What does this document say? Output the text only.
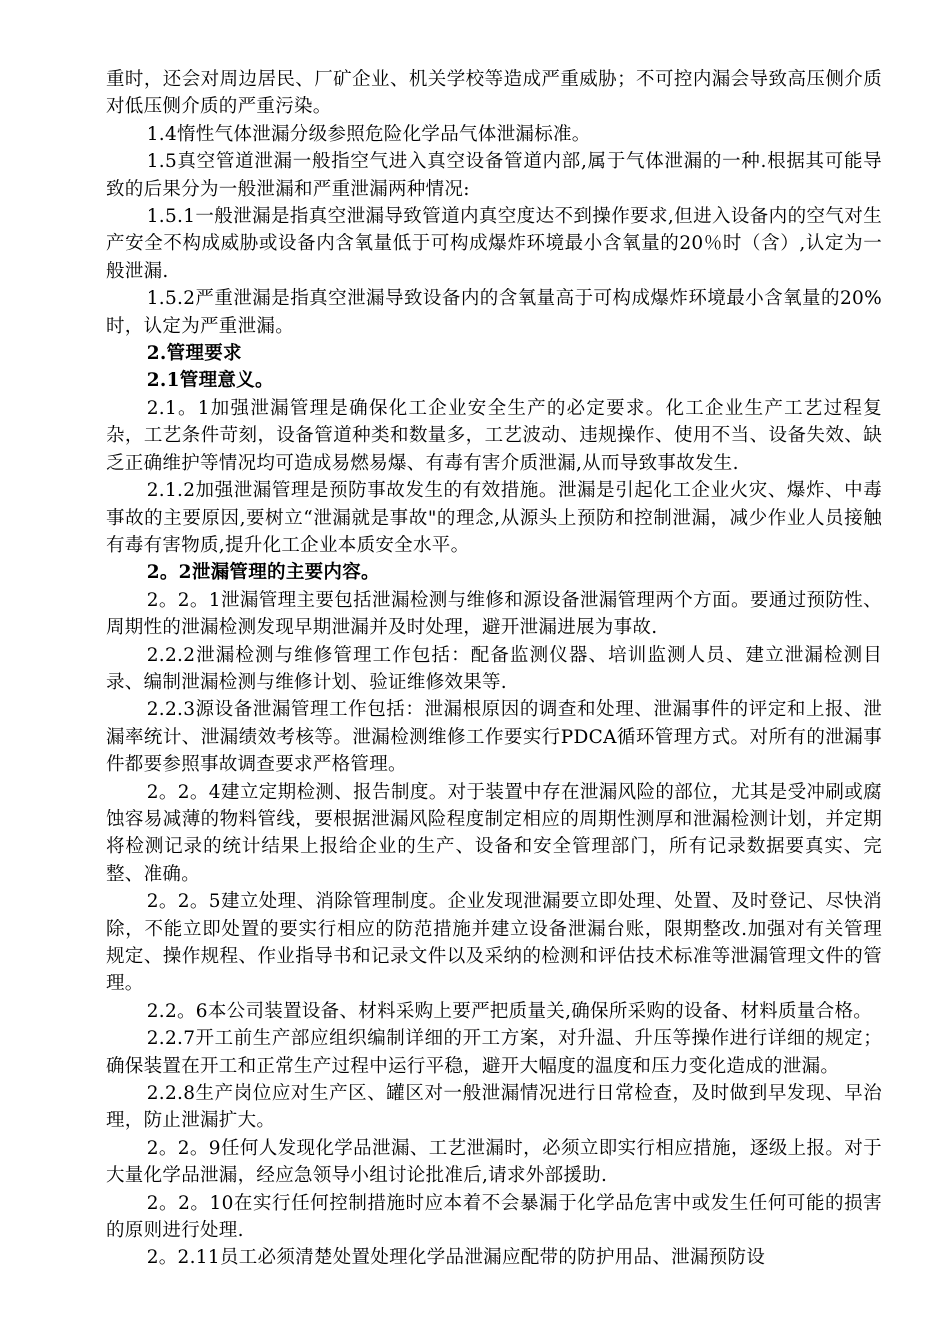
重时，还会对周边居民、厂矿企业、机关学校等造成严重威胁；不可控内漏会导致高压侧介质对低压侧介质的严重污染。

1.4惰性气体泄漏分级参照危险化学品气体泄漏标准。

1.5真空管道泄漏一般指空气进入真空设备管道内部,属于气体泄漏的一种.根据其可能导致的后果分为一般泄漏和严重泄漏两种情况:

1.5.1一般泄漏是指真空泄漏导致管道内真空度达不到操作要求,但进入设备内的空气对生产安全不构成威胁或设备内含氧量低于可构成爆炸环境最小含氧量的20％时（含）,认定为一般泄漏.

1.5.2严重泄漏是指真空泄漏导致设备内的含氧量高于可构成爆炸环境最小含氧量的20%时，认定为严重泄漏。

2.管理要求

2.1管理意义。

2.1。1加强泄漏管理是确保化工企业安全生产的必定要求。化工企业生产工艺过程复杂，工艺条件苛刻，设备管道种类和数量多，工艺波动、违规操作、使用不当、设备失效、缺乏正确维护等情况均可造成易燃易爆、有毒有害介质泄漏,从而导致事故发生.

2.1.2加强泄漏管理是预防事故发生的有效措施。泄漏是引起化工企业火灾、爆炸、中毒事故的主要原因,要树立“泄漏就是事故"的理念,从源头上预防和控制泄漏，减少作业人员接触有毒有害物质,提升化工企业本质安全水平。

2。2泄漏管理的主要内容。

2。2。1泄漏管理主要包括泄漏检测与维修和源设备泄漏管理两个方面。要通过预防性、周期性的泄漏检测发现早期泄漏并及时处理，避开泄漏进展为事故.

2.2.2泄漏检测与维修管理工作包括：配备监测仪器、培训监测人员、建立泄漏检测目录、编制泄漏检测与维修计划、验证维修效果等.

2.2.3源设备泄漏管理工作包括：泄漏根原因的调查和处理、泄漏事件的评定和上报、泄漏率统计、泄漏绩效考核等。泄漏检测维修工作要实行PDCA循环管理方式。对所有的泄漏事件都要参照事故调查要求严格管理。

2。2。4建立定期检测、报告制度。对于装置中存在泄漏风险的部位，尤其是受冲刷或腐蚀容易减薄的物料管线，要根据泄漏风险程度制定相应的周期性测厚和泄漏检测计划，并定期将检测记录的统计结果上报给企业的生产、设备和安全管理部门，所有记录数据要真实、完整、准确。

2。2。5建立处理、消除管理制度。企业发现泄漏要立即处理、处置、及时登记、尽快消除，不能立即处置的要实行相应的防范措施并建立设备泄漏台账，限期整改.加强对有关管理规定、操作规程、作业指导书和记录文件以及采纳的检测和评估技术标准等泄漏管理文件的管理。

2.2。6本公司装置设备、材料采购上要严把质量关,确保所采购的设备、材料质量合格。

2.2.7开工前生产部应组织编制详细的开工方案，对升温、升压等操作进行详细的规定；确保装置在开工和正常生产过程中运行平稳，避开大幅度的温度和压力变化造成的泄漏。

2.2.8生产岗位应对生产区、罐区对一般泄漏情况进行日常检查，及时做到早发现、早治理，防止泄漏扩大。

2。2。9任何人发现化学品泄漏、工艺泄漏时，必须立即实行相应措施，逐级上报。对于大量化学品泄漏，经应急领导小组讨论批准后,请求外部援助.

2。2。10在实行任何控制措施时应本着不会暴漏于化学品危害中或发生任何可能的损害的原则进行处理.

2。2.11员工必须清楚处置处理化学品泄漏应配带的防护用品、泄漏预防设
